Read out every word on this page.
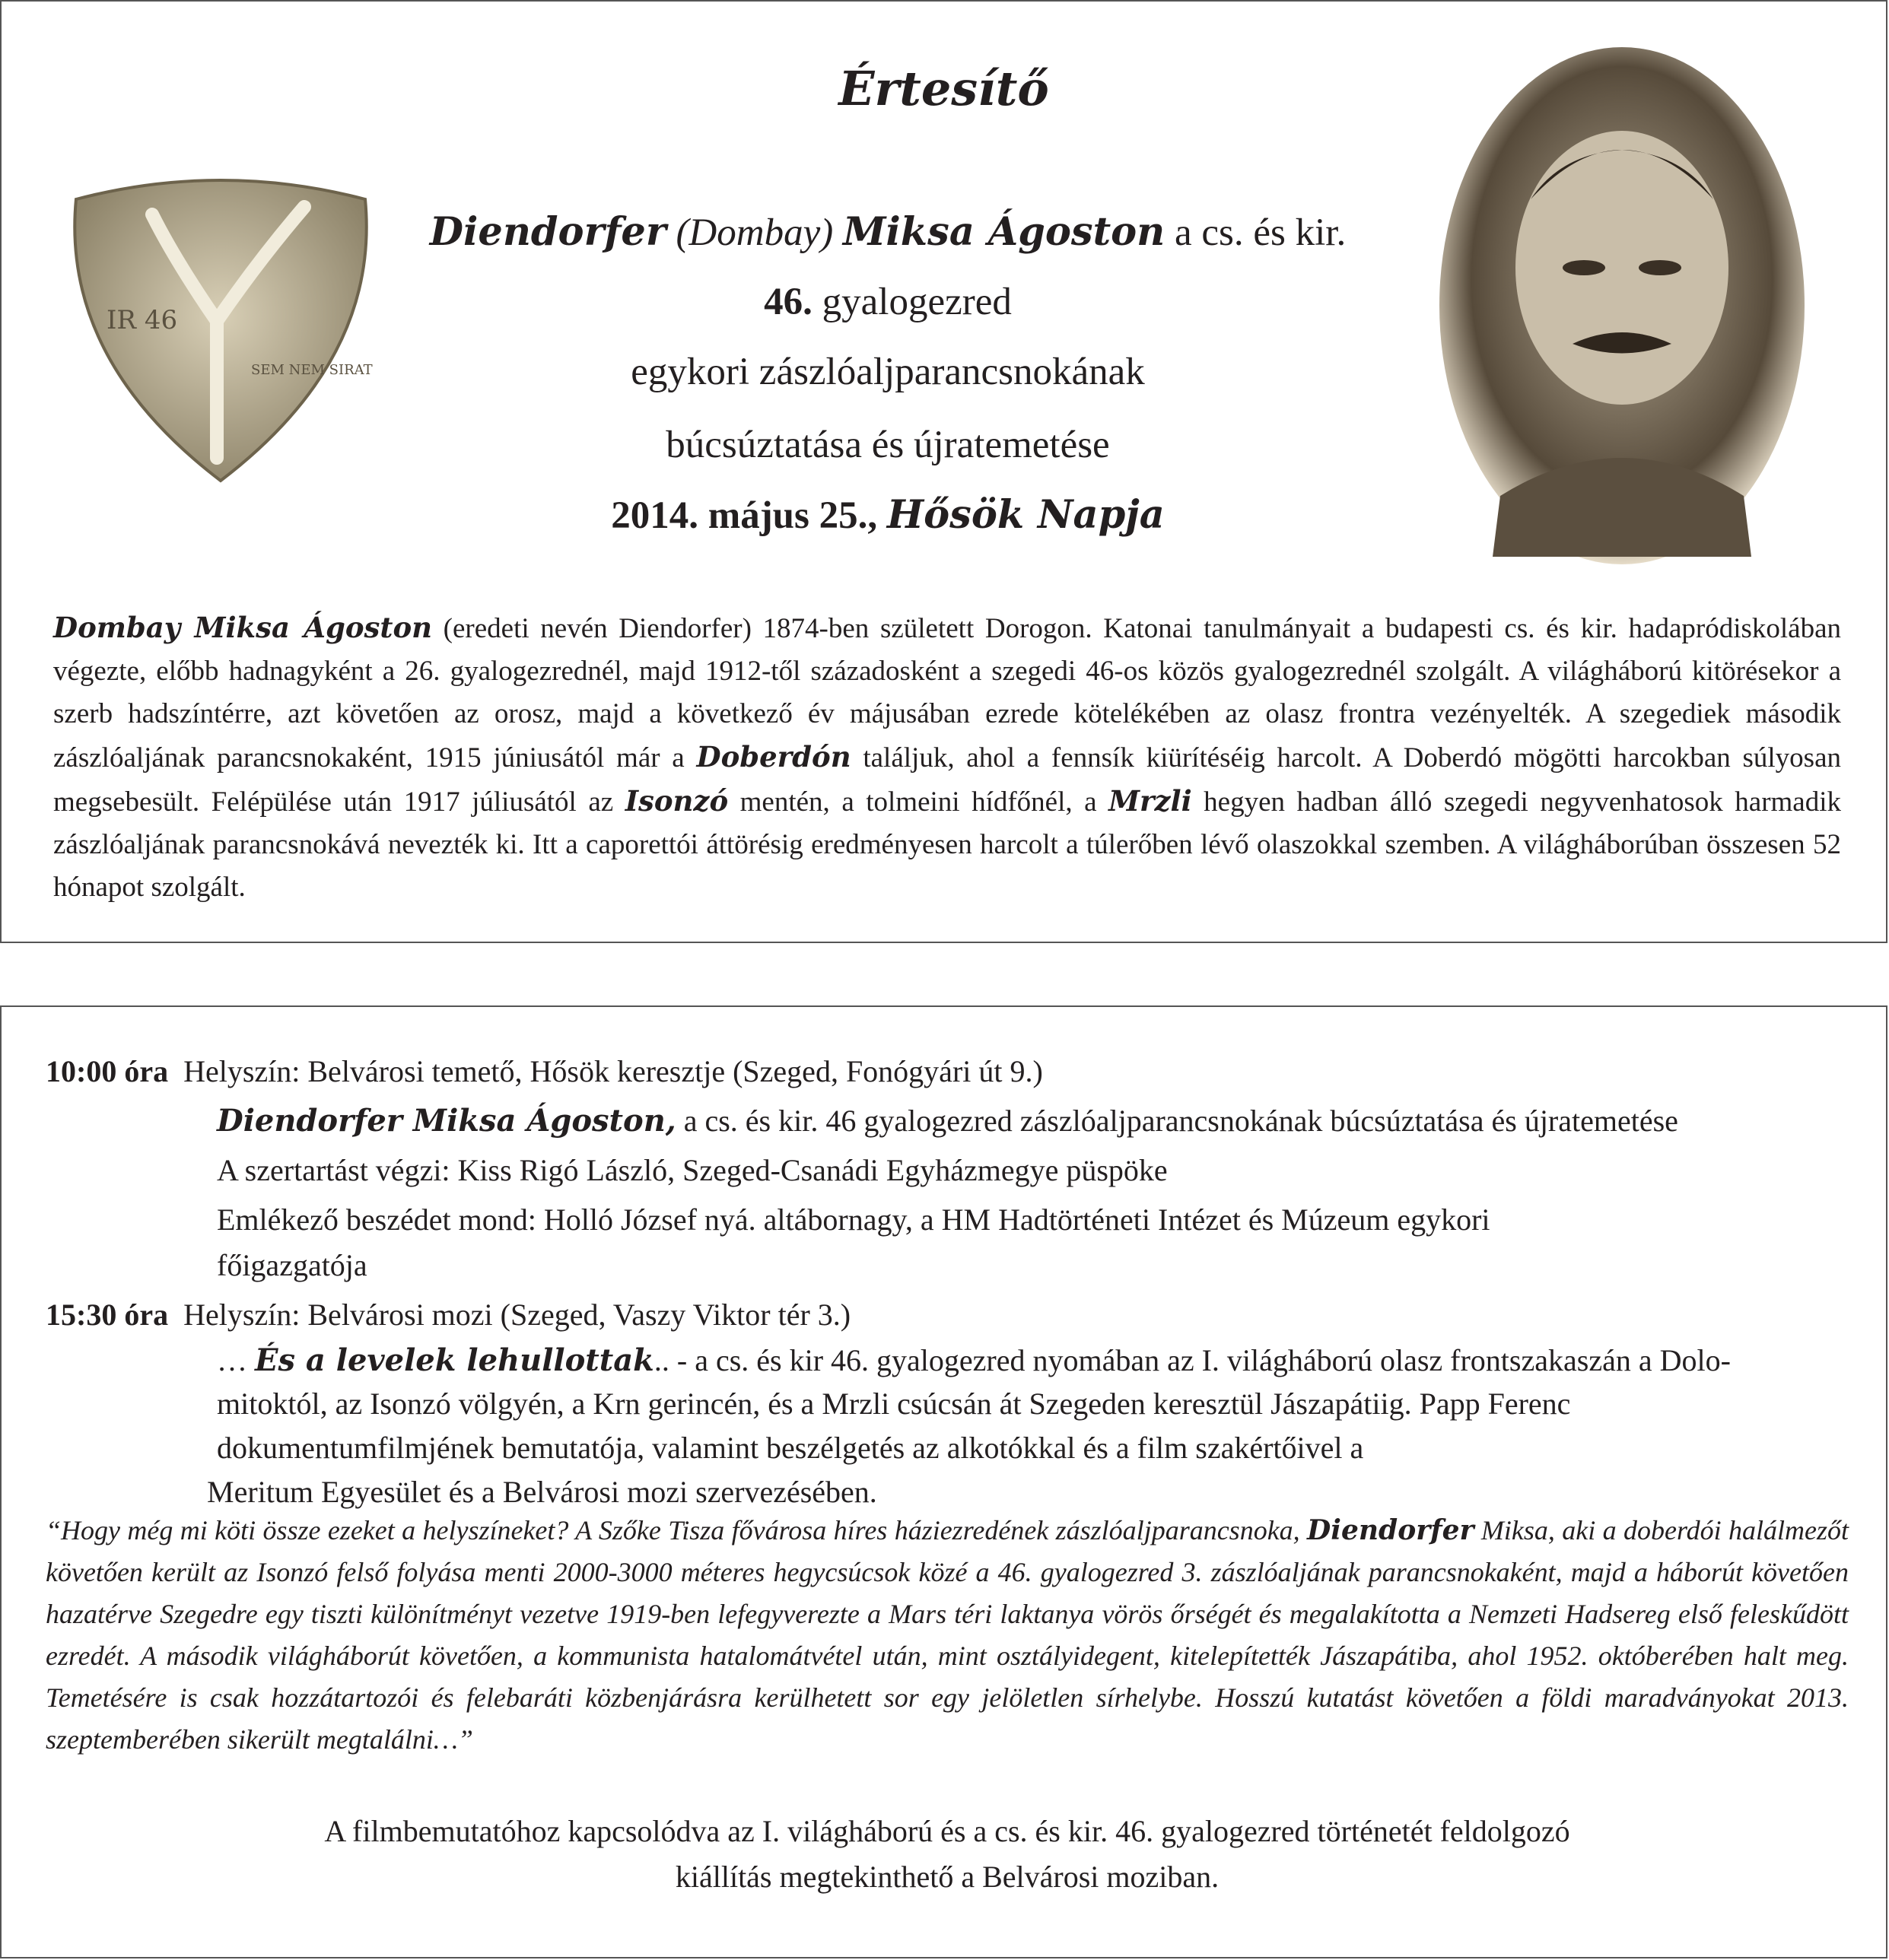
Értesítő
IR 46
SEM NEM SIRAT
Diendorfer (Dombay) Miksa Ágoston a cs. és kir.
46. gyalogezred
egykori zászlóaljparancsnokának
búcsúztatása és újratemetése
2014. május 25., Hősök Napja
Dombay Miksa Ágoston (eredeti nevén Diendorfer) 1874-ben született Dorogon. Katonai tanulmányait a budapesti cs. és kir. hadapródiskolában végezte, előbb hadnagyként a 26. gyalogezrednél, majd 1912-től századosként a szegedi 46-os közös gyalogezrednél szolgált. A világháború kitörésekor a szerb hadszíntérre, azt követően az orosz, majd a következő év májusában ezrede kötelékében az olasz frontra vezényelték. A szegediek második zászlóaljának parancsnokaként, 1915 júniusától már a Doberdón találjuk, ahol a fennsík kiürítéséig harcolt. A Doberdó mögötti harcokban súlyosan megsebesült. Felépülése után 1917 júliusától az Isonzó mentén, a tolmeini hídfőnél, a Mrzli hegyen hadban álló szegedi negyvenhatosok harmadik zászlóaljának parancsnokává nevezték ki. Itt a caporettói áttörésig eredményesen harcolt a túlerőben lévő olaszokkal szemben. A világháborúban összesen 52 hónapot szolgált.
10:00 óra Helyszín: Belvárosi temető, Hősök keresztje (Szeged, Fonógyári út 9.)
Diendorfer Miksa Ágoston, a cs. és kir. 46 gyalogezred zászlóaljparancsnokának búcsúztatása és újratemetése
A szertartást végzi: Kiss Rigó László, Szeged-Csanádi Egyházmegye püspöke
Emlékező beszédet mond: Holló József nyá. altábornagy, a HM Hadtörténeti Intézet és Múzeum egykori
főigazgatója
15:30 óra Helyszín: Belvárosi mozi (Szeged, Vaszy Viktor tér 3.)
… És a levelek lehullottak.. - a cs. és kir 46. gyalogezred nyomában az I. világháború olasz frontszakaszán a Dolo-
mitoktól, az Isonzó völgyén, a Krn gerincén, és a Mrzli csúcsán át Szegeden keresztül Jászapátiig. Papp Ferenc
dokumentumfilmjének bemutatója, valamint beszélgetés az alkotókkal és a film szakértőivel a
Meritum Egyesület és a Belvárosi mozi szervezésében.
“Hogy még mi köti össze ezeket a helyszíneket? A Szőke Tisza fővárosa híres háziezredének zászlóaljparancsnoka, Diendorfer Miksa, aki a doberdói halálmezőt követően került az Isonzó felső folyása menti 2000-3000 méteres hegycsúcsok közé a 46. gyalogezred 3. zászlóaljának parancsnokaként, majd a háborút követően hazatérve Szegedre egy tiszti különítményt vezetve 1919-ben lefegyverezte a Mars téri laktanya vörös őrségét és megalakította a Nemzeti Hadsereg első feleskűdött ezredét. A második világháborút követően, a kommunista hatalomátvétel után, mint osztályidegent, kitelepítették Jászapátiba, ahol 1952. októberében halt meg. Temetésére is csak hozzátartozói és felebaráti közbenjárásra kerülhetett sor egy jelöletlen sírhelybe. Hosszú kutatást követően a földi maradványokat 2013. szeptemberében sikerült megtalálni…”
A filmbemutatóhoz kapcsolódva az I. világháború és a cs. és kir. 46. gyalogezred történetét feldolgozó
kiállítás megtekinthető a Belvárosi moziban.
